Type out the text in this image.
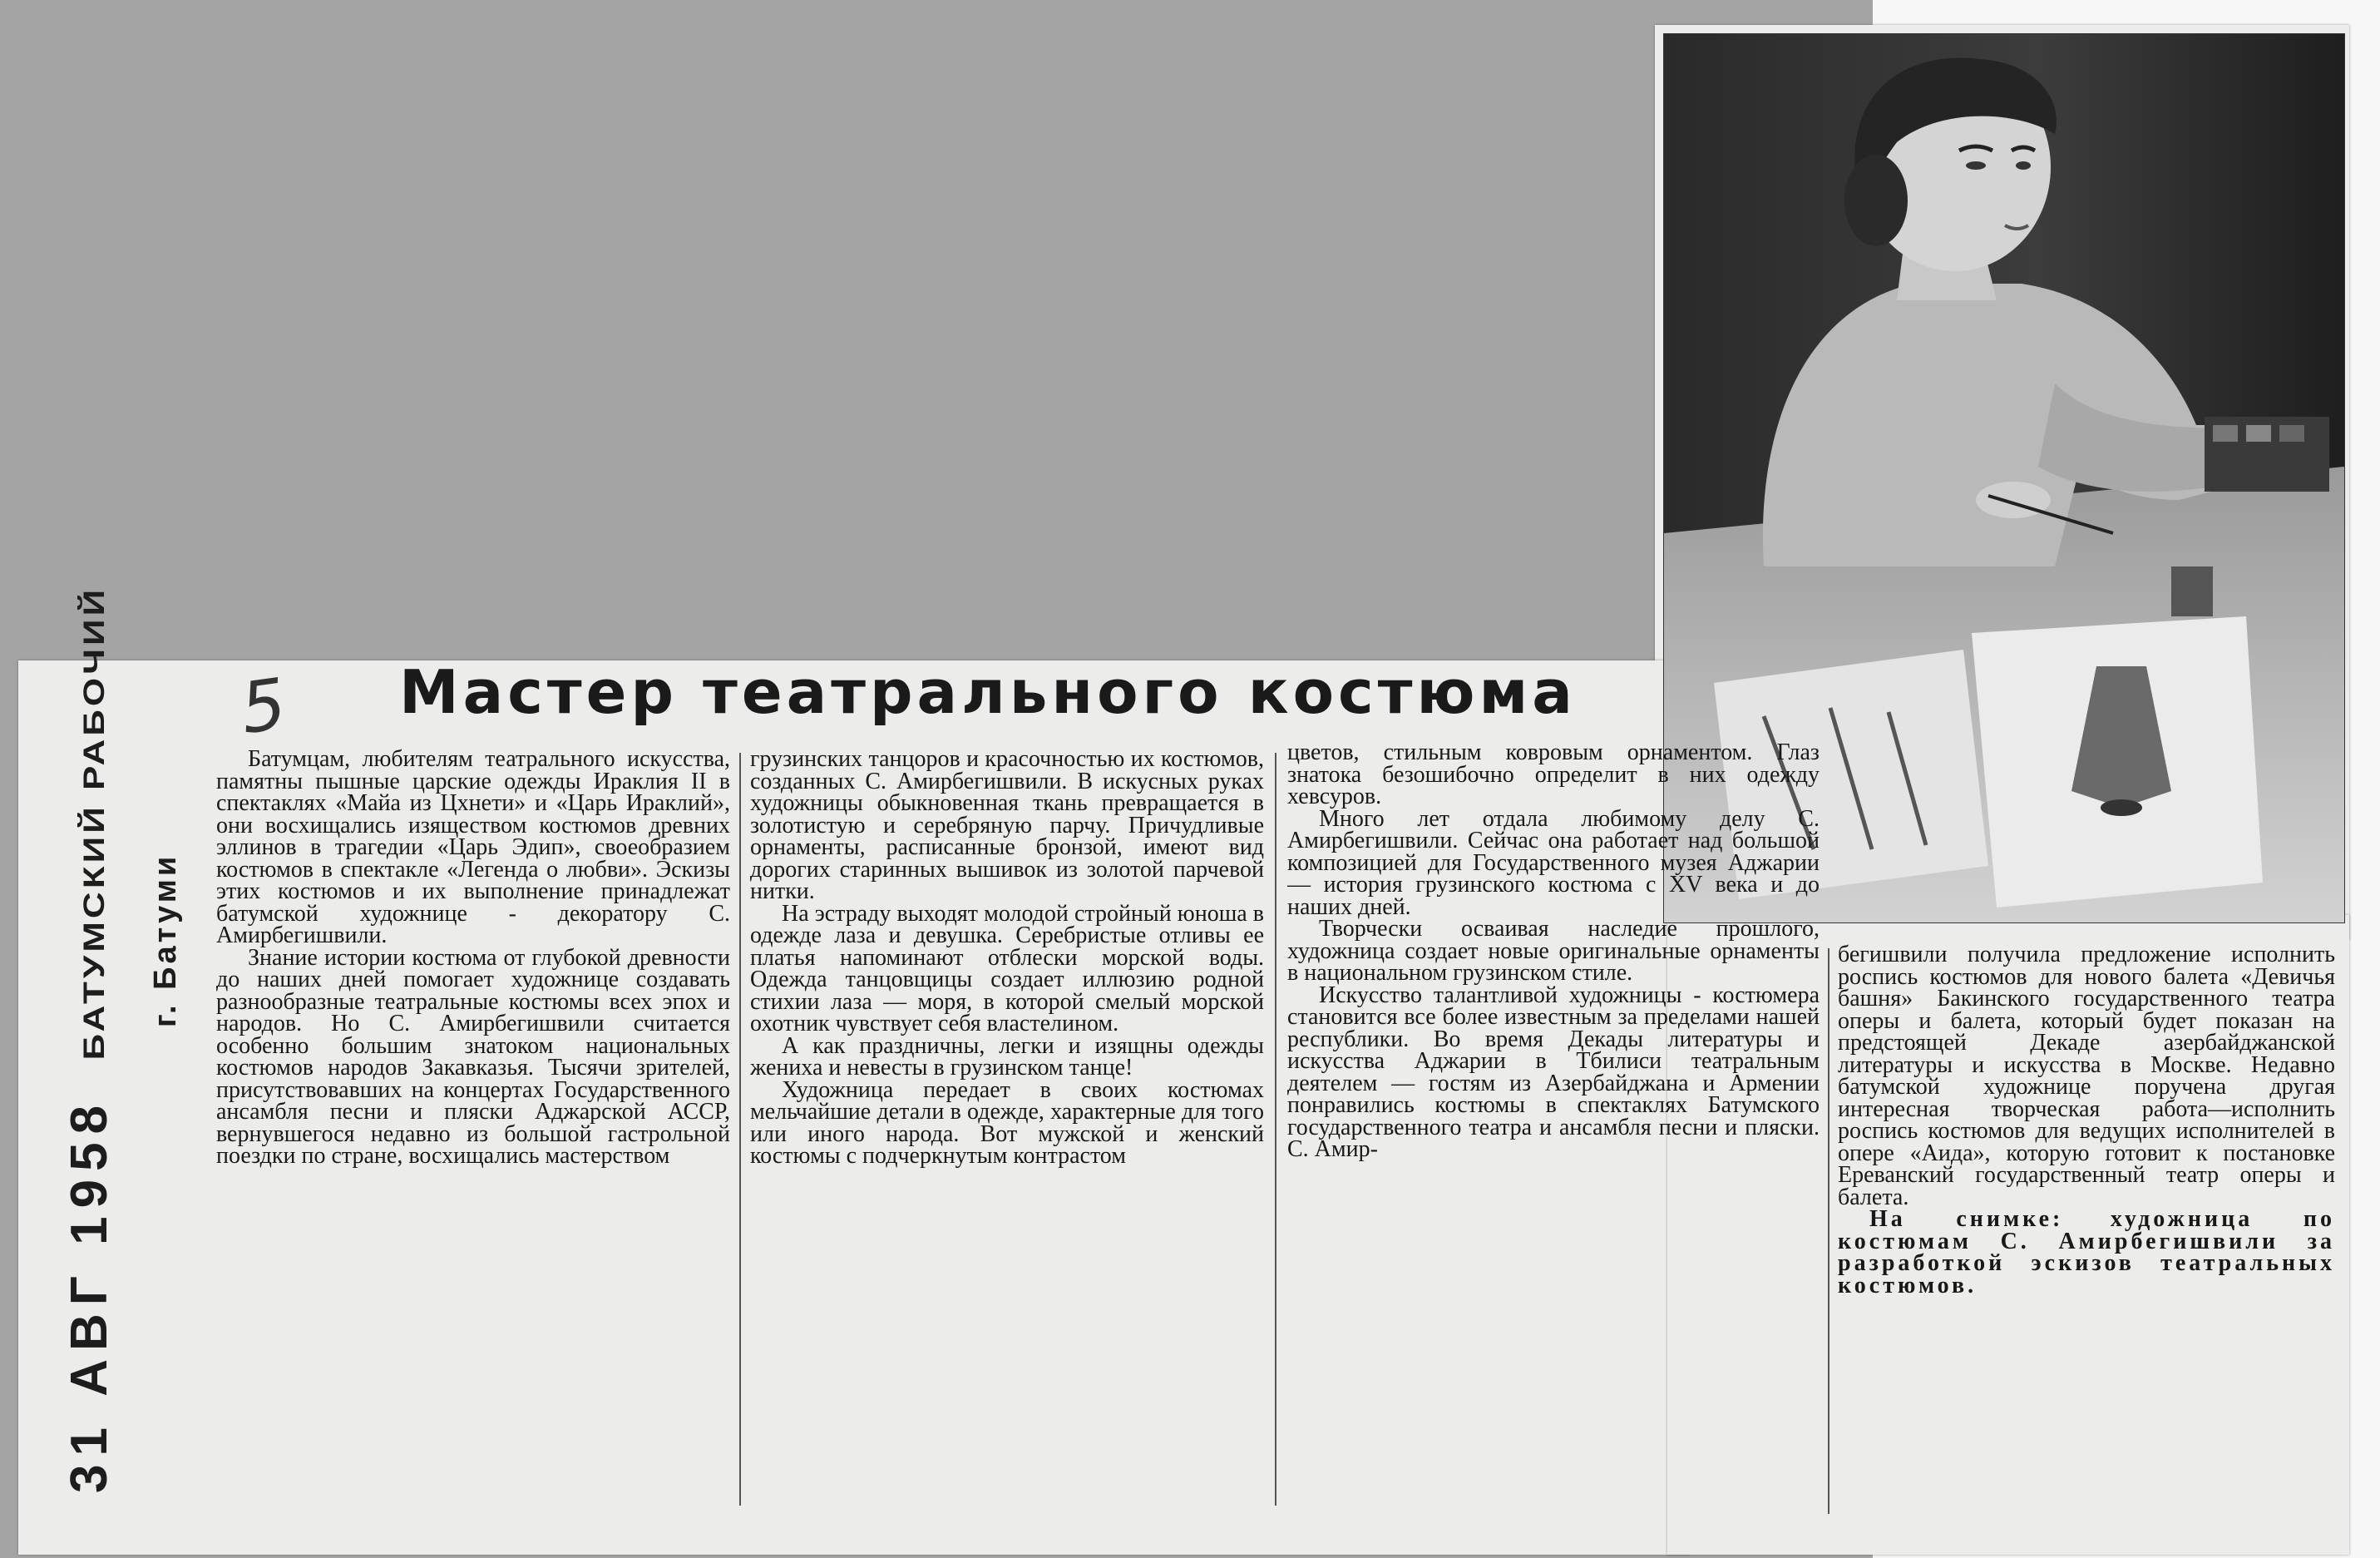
31 АВГ 1958 БАТУМСКИЙ РАБОЧИЙ г. Батуми
5 Мастер театрального костюма

Батумцам, любителям театрального искусства, памятны пышные царские одежды Ираклия II в спектаклях «Майа из Цхнети» и «Царь Ираклий», они восхищались изяществом костюмов древних эллинов в трагедии «Царь Эдип», своеобразием костюмов в спектакле «Легенда о любви». Эскизы этих костюмов и их выполнение принадлежат батумской художнице - декоратору С. Амирбегишвили.

Знание истории костюма от глубокой древности до наших дней помогает художнице создавать разнообразные театральные костюмы всех эпох и народов. Но С. Амирбегишвили считается особенно большим знатоком национальных костюмов народов Закавказья. Тысячи зрителей, присутствовавших на концертах Государственного ансамбля песни и пляски Аджарской АССР, вернувшегося недавно из большой гастрольной поездки по стране, восхищались мастерством

грузинских танцоров и красочностью их костюмов, созданных С. Амирбегишвили. В искусных руках художницы обыкновенная ткань превращается в золотистую и серебряную парчу. Причудливые орнаменты, расписанные бронзой, имеют вид дорогих старинных вышивок из золотой парчевой нитки.

На эстраду выходят молодой стройный юноша в одежде лаза и девушка. Серебристые отливы ее платья напоминают отблески морской воды. Одежда танцовщицы создает иллюзию родной стихии лаза — моря, в которой смелый морской охотник чувствует себя властелином.

А как праздничны, легки и изящны одежды жениха и невесты в грузинском танце!

Художница передает в своих костюмах мельчайшие детали в одежде, характерные для того или иного народа. Вот мужской и женский костюмы с подчеркнутым контрастом

цветов, стильным ковровым орнаментом. Глаз знатока безошибочно определит в них одежду хевсуров.

Много лет отдала любимому делу С. Амирбегишвили. Сейчас она работает над большой композицией для Государственного музея Аджарии — история грузинского костюма с XV века и до наших дней.

Творчески осваивая наследие прошлого, художница создает новые оригинальные орнаменты в национальном грузинском стиле.

Искусство талантливой художницы - костюмера становится все более известным за пределами нашей республики. Во время Декады литературы и искусства Аджарии в Тбилиси театральным деятелем — гостям из Азербайджана и Армении понравились костюмы в спектаклях Батумского государственного театра и ансамбля песни и пляски. С. Амир-

бегишвили получила предложение исполнить роспись костюмов для нового балета «Девичья башня» Бакинского государственного театра оперы и балета, который будет показан на предстоящей Декаде азербайджанской литературы и искусства в Москве. Недавно батумской художнице поручена другая интересная творческая работа—исполнить роспись костюмов для ведущих исполнителей в опере «Аида», которую готовит к постановке Ереванский государственный театр оперы и балета.

На снимке: художница по костюмам С. Амирбегишвили за разработкой эскизов театральных костюмов.
